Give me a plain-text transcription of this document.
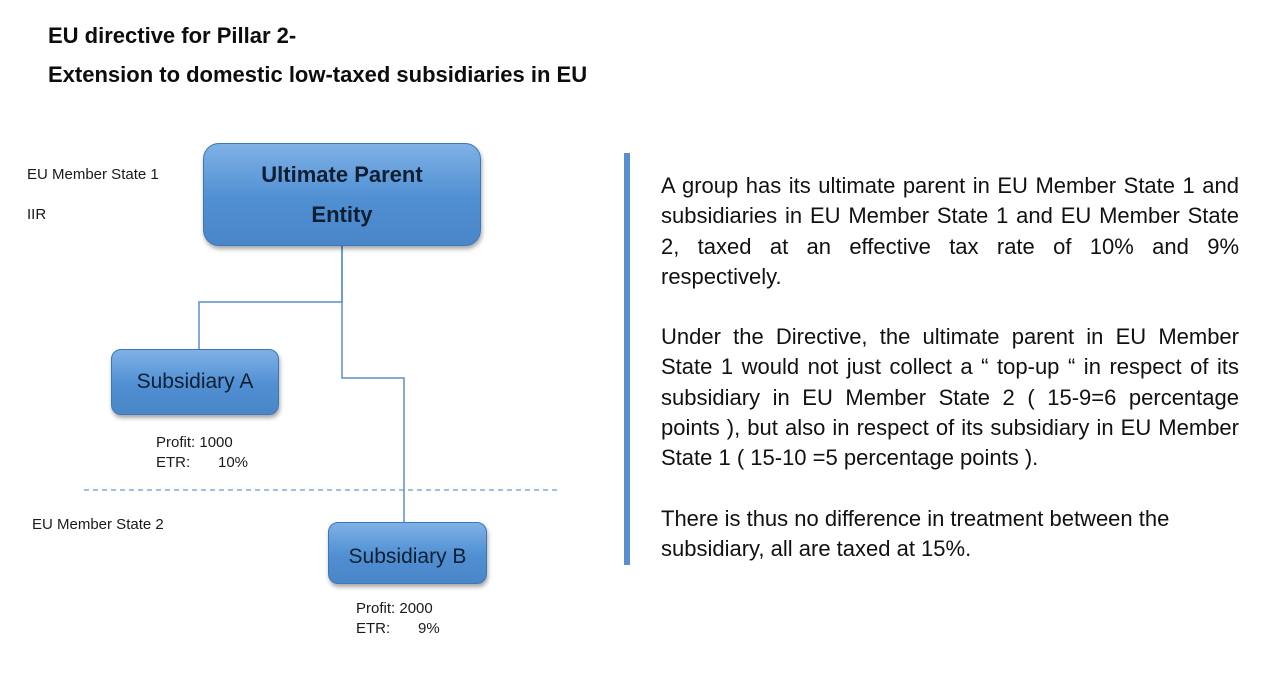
EU directive for Pillar 2-
Extension to domestic low-taxed subsidiaries in EU
EU Member State 1
IIR
EU Member State 2
Ultimate Parent
Entity
Subsidiary A
Subsidiary B
Profit: 1000
ETR: 10%
Profit: 2000
ETR: 9%

A group has its ultimate parent in EU Member State 1 and subsidiaries in EU Member State 1 and EU Member State 2, taxed at an effective tax rate of 10% and 9% respectively.

Under the Directive, the ultimate parent in EU Member State 1 would not just collect a “ top-up “ in respect of its subsidiary in EU Member State 2 ( 15-9=6 percentage points ), but also in respect of its subsidiary in EU Member State 1 ( 15-10 =5 percentage points ).

There is thus no difference in treatment between the subsidiary, all are taxed at 15%.
